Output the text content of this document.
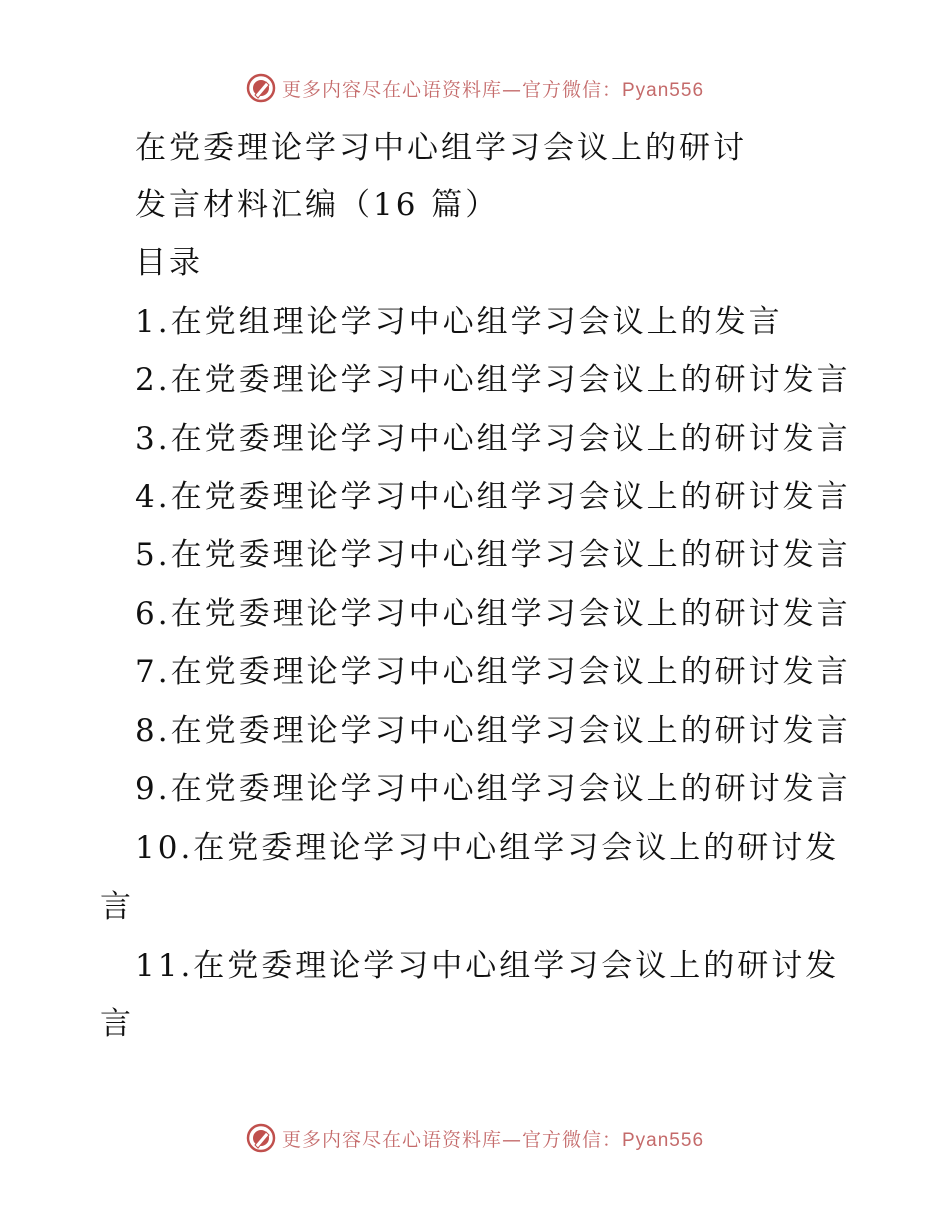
更多内容尽在心语资料库—官方微信：Pyan556
在党委理论学习中心组学习会议上的研讨
发言材料汇编（16 篇）
目录
1.在党组理论学习中心组学习会议上的发言
2.在党委理论学习中心组学习会议上的研讨发言
3.在党委理论学习中心组学习会议上的研讨发言
4.在党委理论学习中心组学习会议上的研讨发言
5.在党委理论学习中心组学习会议上的研讨发言
6.在党委理论学习中心组学习会议上的研讨发言
7.在党委理论学习中心组学习会议上的研讨发言
8.在党委理论学习中心组学习会议上的研讨发言
9.在党委理论学习中心组学习会议上的研讨发言
10.在党委理论学习中心组学习会议上的研讨发
言
11.在党委理论学习中心组学习会议上的研讨发
言
更多内容尽在心语资料库—官方微信：Pyan556
